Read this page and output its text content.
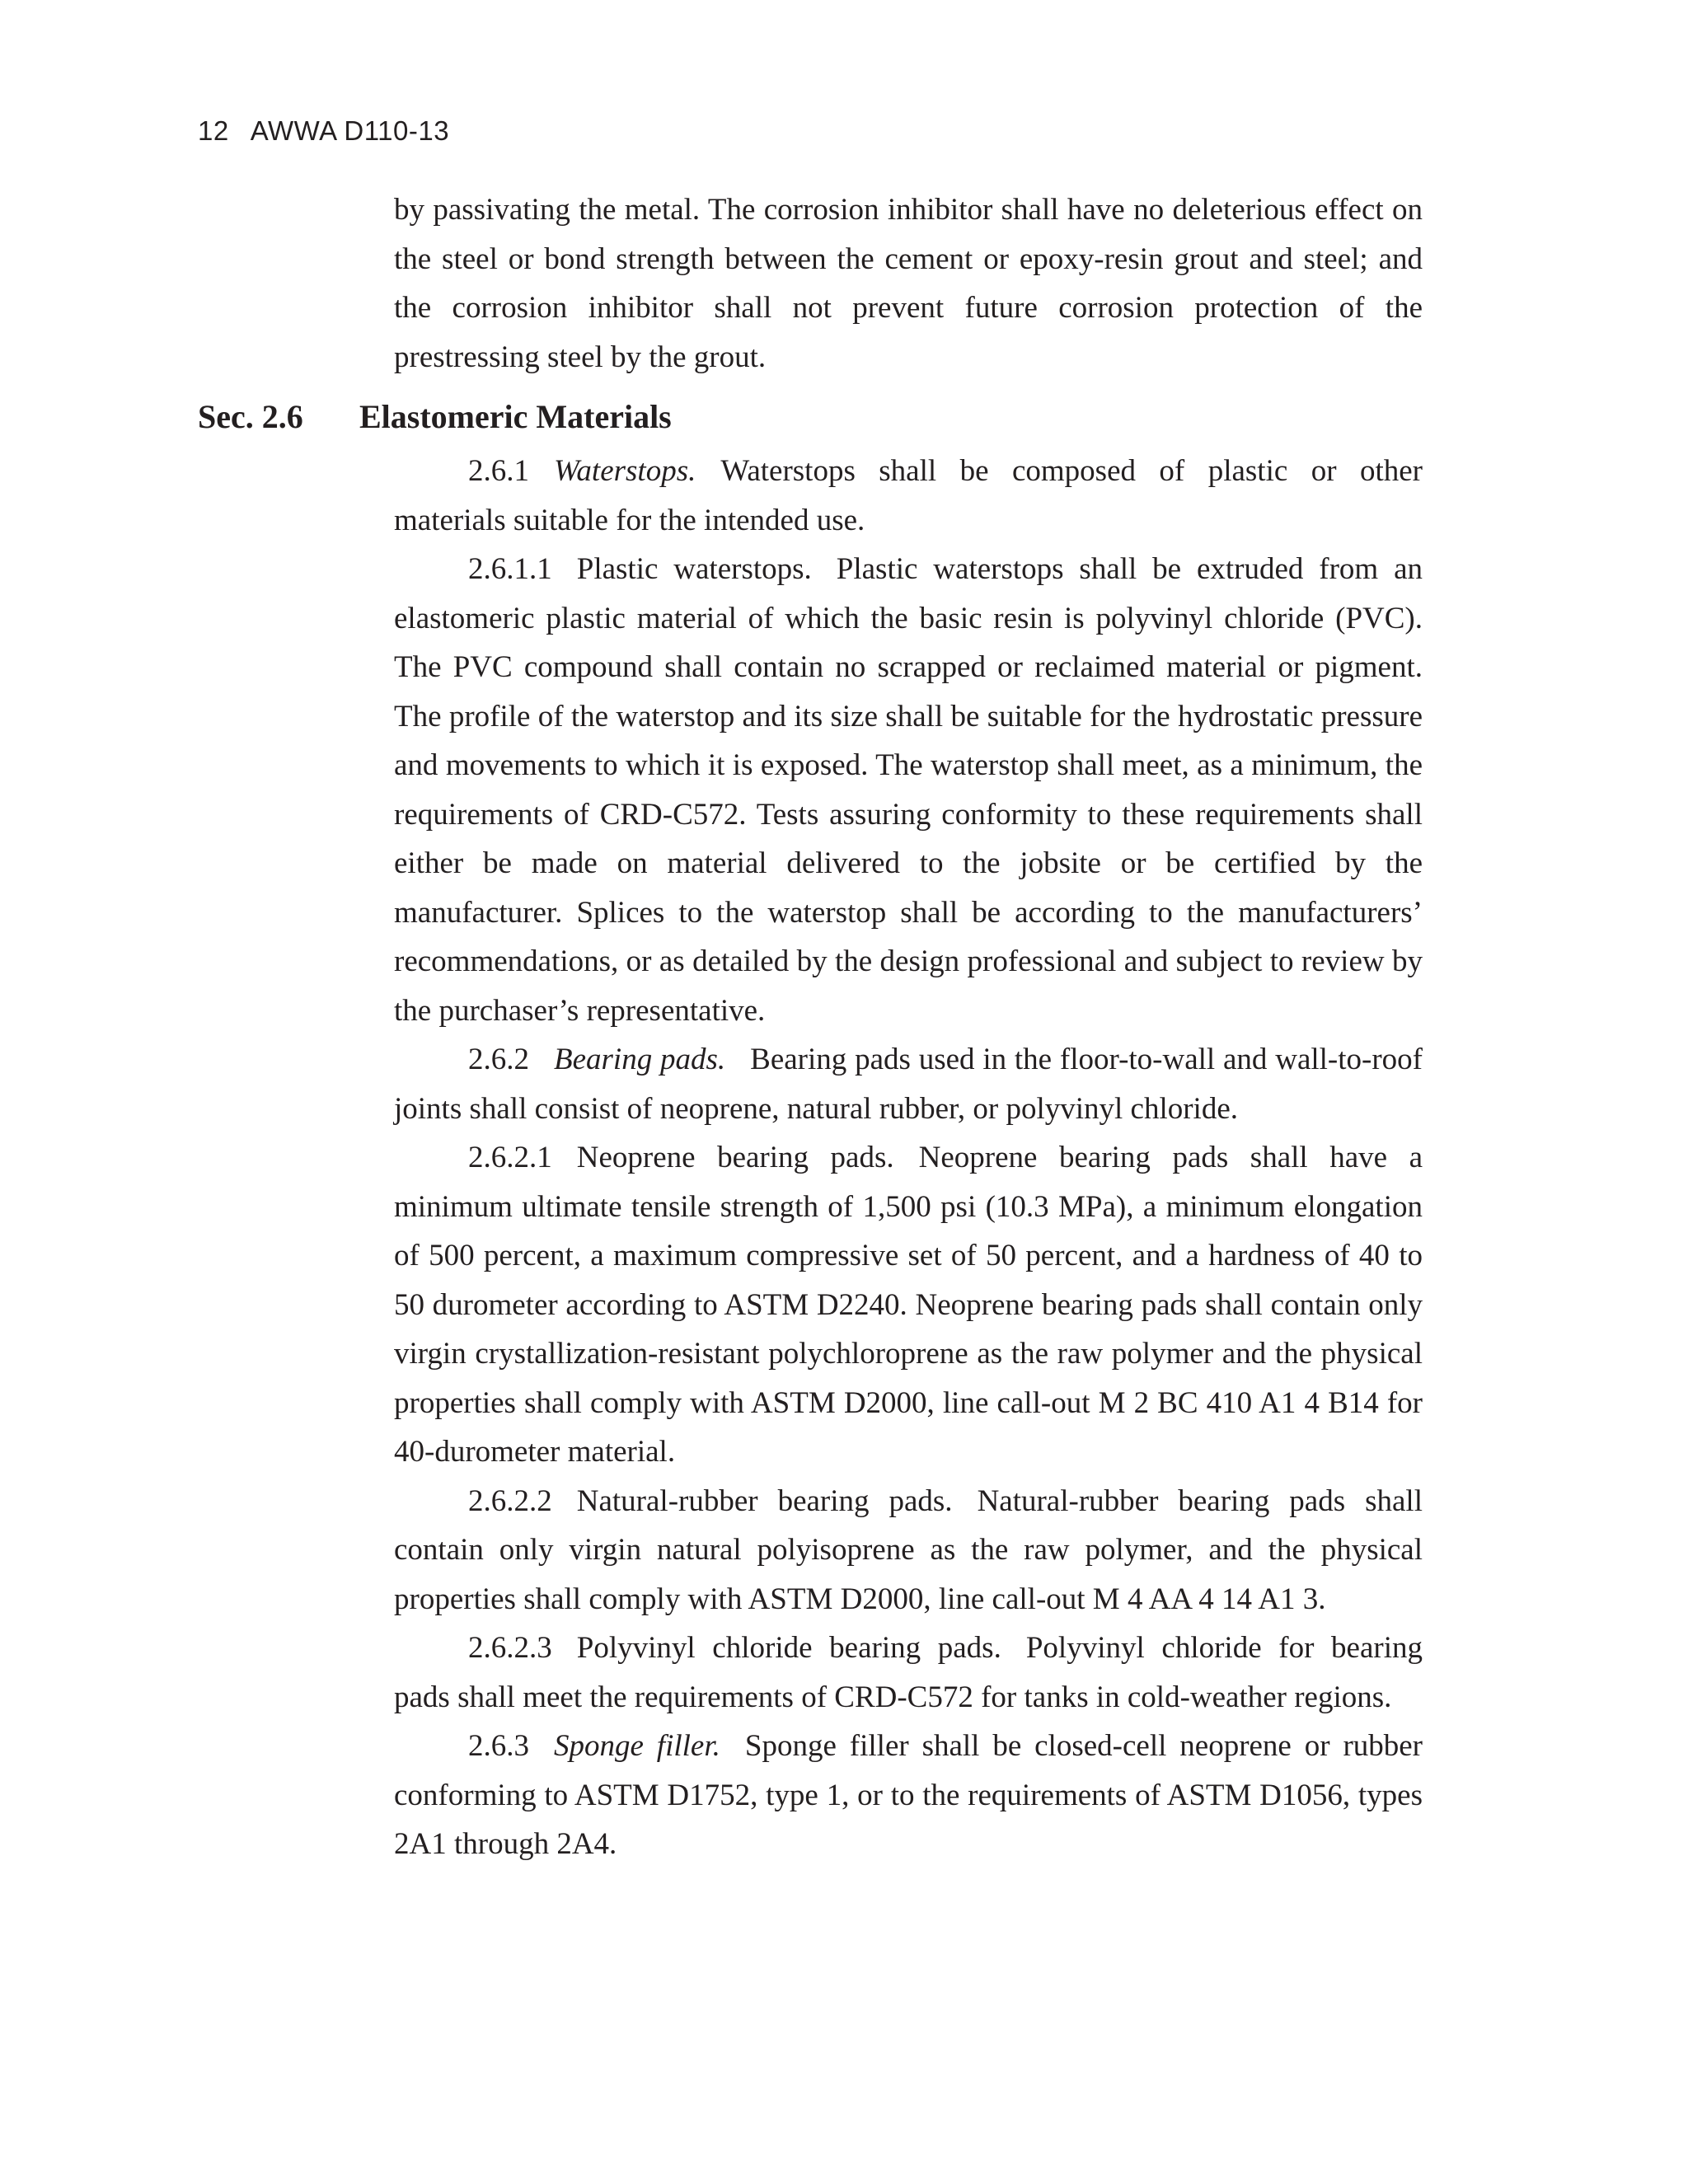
12 AWWA D110-13

by passivating the metal. The corrosion inhibitor shall have no deleterious effect on the steel or bond strength between the cement or epoxy-resin grout and steel; and the corrosion inhibitor shall not prevent future corrosion protection of the prestressing steel by the grout.

Sec. 2.6 Elastomeric Materials

2.6.1 Waterstops. Waterstops shall be composed of plastic or other materials suitable for the intended use.

2.6.1.1 Plastic waterstops. Plastic waterstops shall be extruded from an elastomeric plastic material of which the basic resin is polyvinyl chloride (PVC). The PVC compound shall contain no scrapped or reclaimed material or pigment. The profile of the waterstop and its size shall be suitable for the hydrostatic pressure and movements to which it is exposed. The waterstop shall meet, as a minimum, the requirements of CRD-C572. Tests assuring conformity to these requirements shall either be made on material delivered to the jobsite or be certified by the manufacturer. Splices to the waterstop shall be according to the manufacturers’ recommendations, or as detailed by the design professional and subject to review by the purchaser’s representative.

2.6.2 Bearing pads. Bearing pads used in the floor-to-wall and wall-to-roof joints shall consist of neoprene, natural rubber, or polyvinyl chloride.

2.6.2.1 Neoprene bearing pads. Neoprene bearing pads shall have a minimum ultimate tensile strength of 1,500 psi (10.3 MPa), a minimum elongation of 500 percent, a maximum compressive set of 50 percent, and a hardness of 40 to 50 durometer according to ASTM D2240. Neoprene bearing pads shall contain only virgin crystallization-resistant polychloroprene as the raw polymer and the physical properties shall comply with ASTM D2000, line call-out M 2 BC 410 A1 4 B14 for 40-durometer material.

2.6.2.2 Natural-rubber bearing pads. Natural-rubber bearing pads shall contain only virgin natural polyisoprene as the raw polymer, and the physical properties shall comply with ASTM D2000, line call-out M 4 AA 4 14 A1 3.

2.6.2.3 Polyvinyl chloride bearing pads. Polyvinyl chloride for bearing pads shall meet the requirements of CRD-C572 for tanks in cold-weather regions.

2.6.3 Sponge filler. Sponge filler shall be closed-cell neoprene or rubber conforming to ASTM D1752, type 1, or to the requirements of ASTM D1056, types 2A1 through 2A4.
